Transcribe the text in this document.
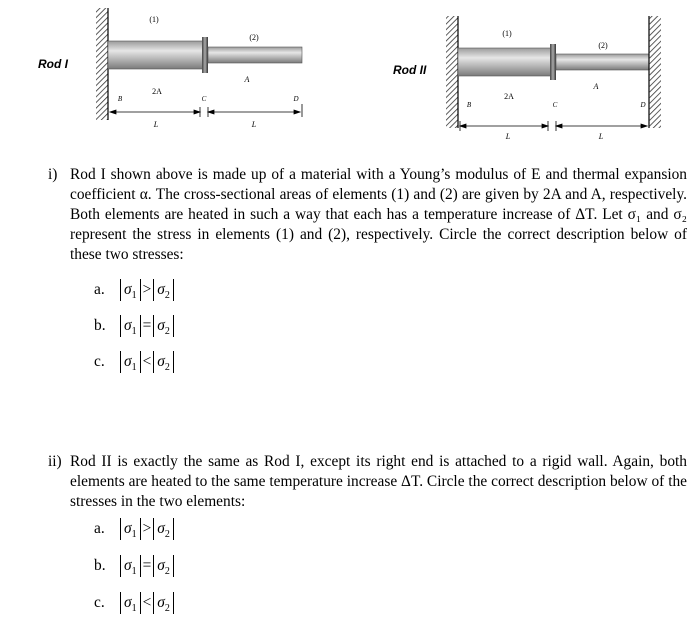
Rod I
(1)
(2)
A
2A
B	C	D
L	L
Rod II
(1)
(2)
A
2A
B	C	D
L	L
i) Rod I shown above is made up of a material with a Young’s modulus of E and thermal expansion coefficient α. The cross-sectional areas of elements (1) and (2) are given by 2A and A, respectively. Both elements are heated in such a way that each has a temperature increase of ΔT. Let σ₁ and σ₂ represent the stress in elements (1) and (2), respectively. Circle the correct description below of these two stresses:
a.	$\sigma_1 > \sigma_2$
b.	$\sigma_1 = \sigma_2$
c.	$\sigma_1 < \sigma_2$
ii) Rod II is exactly the same as Rod I, except its right end is attached to a rigid wall. Again, both elements are heated to the same temperature increase ΔT. Circle the correct description below of the stresses in the two elements:
a.	$\sigma_1 > \sigma_2$
b.	$\sigma_1 = \sigma_2$
c.	$\sigma_1 < \sigma_2$
